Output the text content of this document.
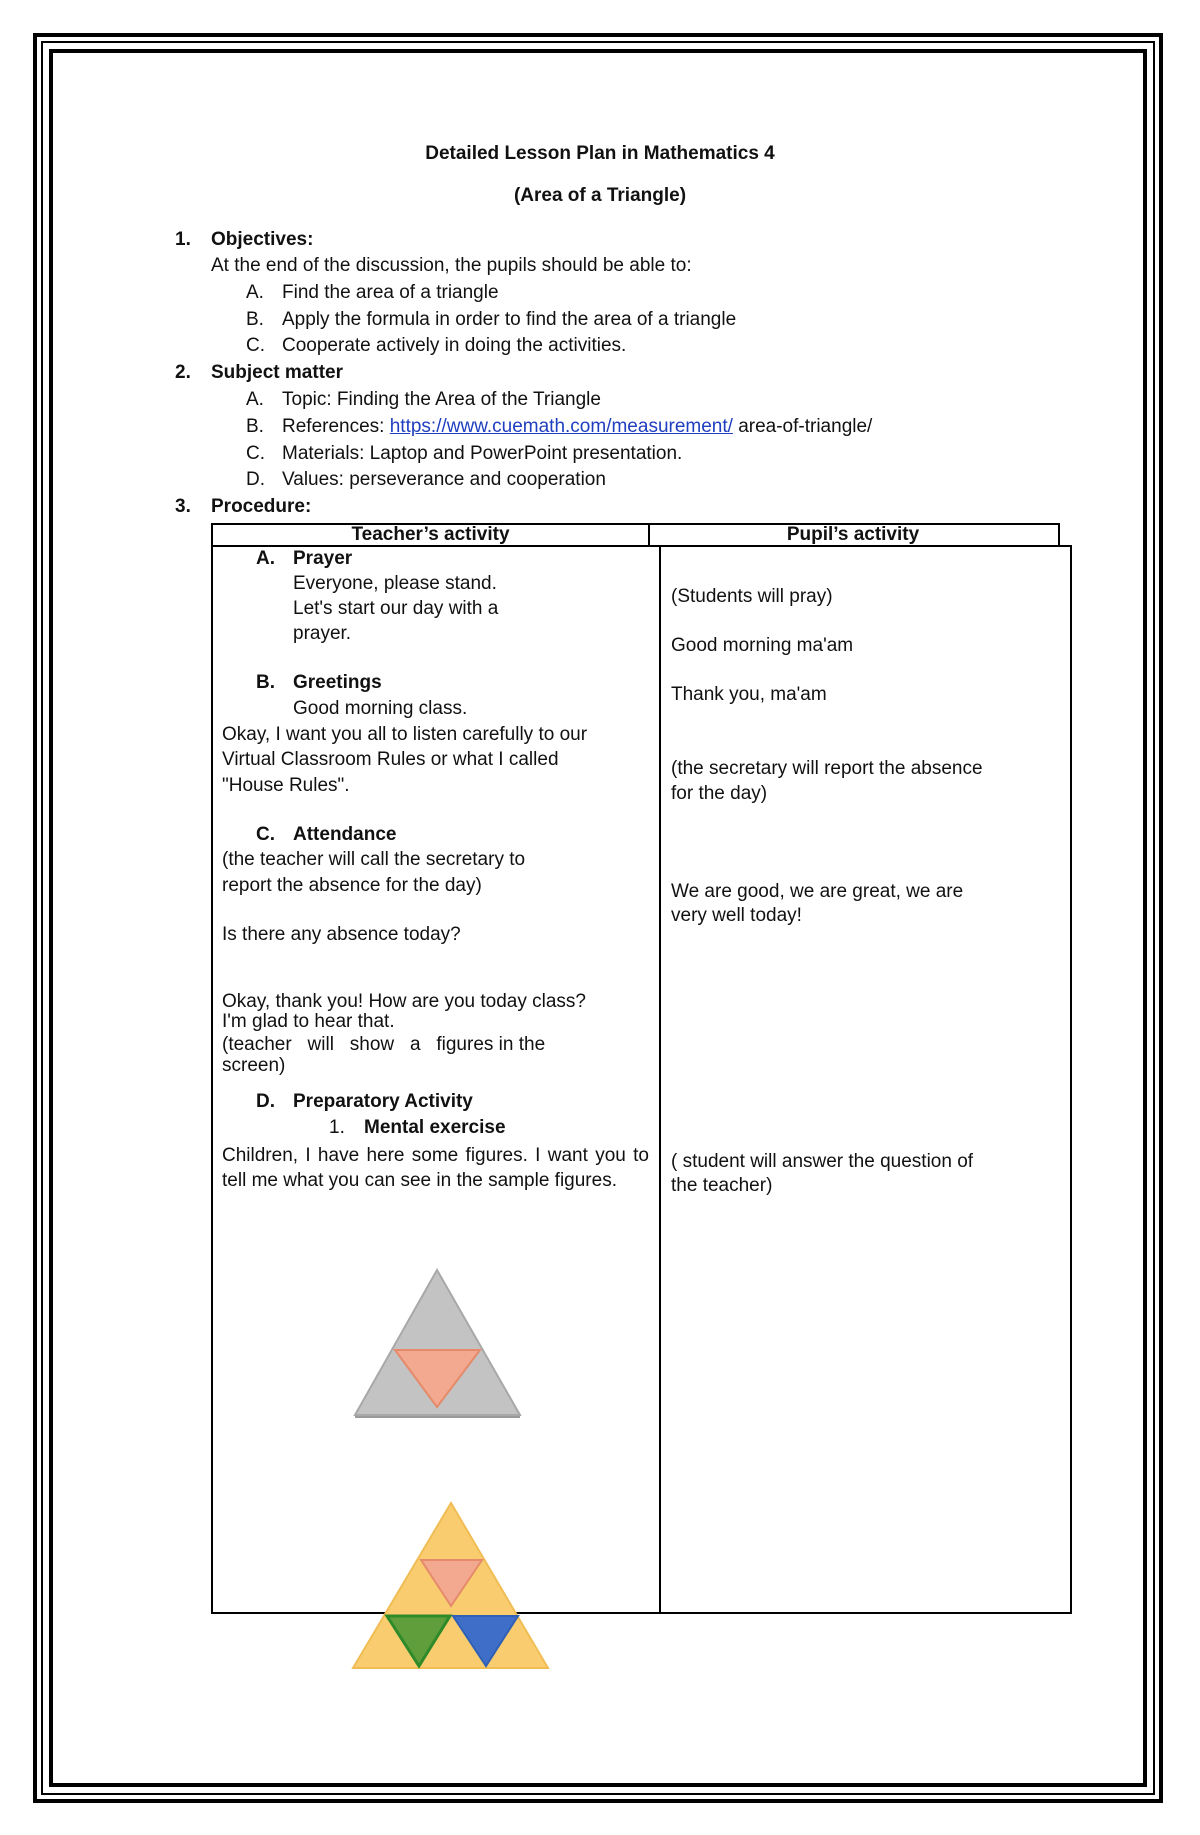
Detailed Lesson Plan in Mathematics 4
(Area of a Triangle)
1. Objectives:
At the end of the discussion, the pupils should be able to:
A. Find the area of a triangle
B. Apply the formula in order to find the area of a triangle
C. Cooperate actively in doing the activities.
2. Subject matter
A. Topic: Finding the Area of the Triangle
B. References: https://www.cuemath.com/measurement/ area-of-triangle/
C. Materials: Laptop and PowerPoint presentation.
D. Values: perseverance and cooperation
3. Procedure:
Teacher’s activity	Pupil’s activity
A. Prayer
Everyone, please stand.
Let's start our day with a
prayer.
B. Greetings
Good morning class.
Okay, I want you all to listen carefully to our
Virtual Classroom Rules or what I called
"House Rules".
C. Attendance
(the teacher will call the secretary to
report the absence for the day)
Is there any absence today?
Okay, thank you! How are you today class?
I'm glad to hear that.
(teacher   will   show   a   figures in the
screen)
D. Preparatory Activity
1. Mental exercise
Children, I have here some figures. I want you to tell me what you can see in the sample figures.
(Students will pray)
Good morning ma'am
Thank you, ma'am
(the secretary will report the absence
for the day)
We are good, we are great, we are
very well today!
( student will answer the question of
the teacher)
